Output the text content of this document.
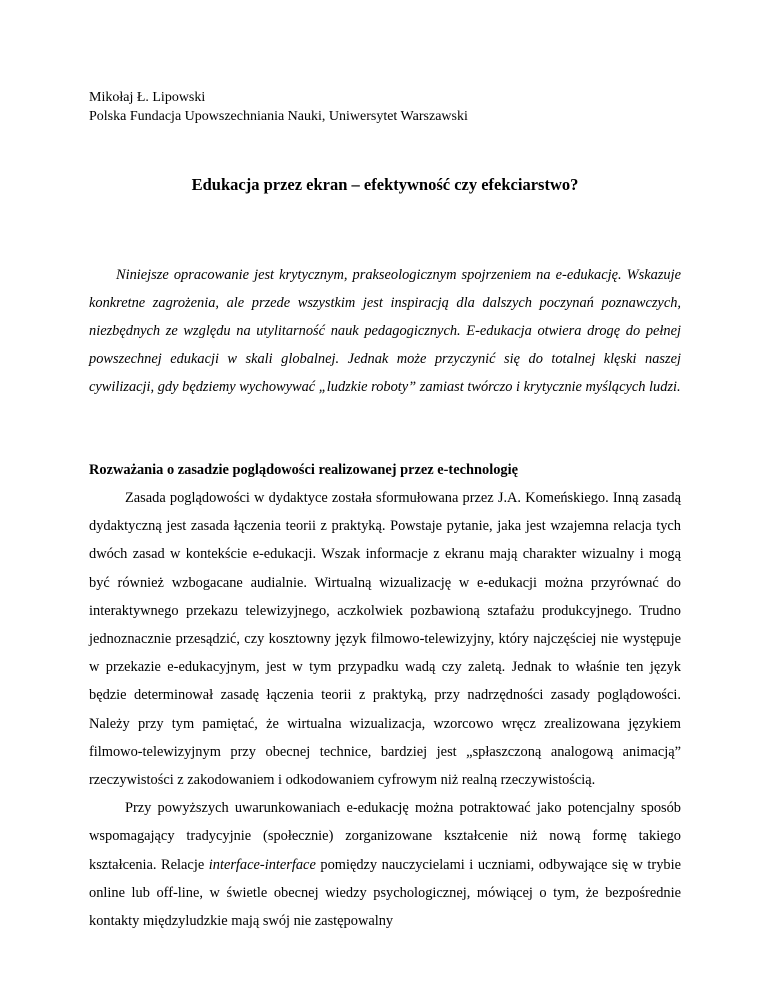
Mikołaj Ł. Lipowski
Polska Fundacja Upowszechniania Nauki, Uniwersytet Warszawski
Edukacja przez ekran – efektywność czy efekciarstwo?
Niniejsze opracowanie jest krytycznym, prakseologicznym spojrzeniem na e-edukację. Wskazuje konkretne zagrożenia, ale przede wszystkim jest inspiracją dla dalszych poczynań poznawczych, niezbędnych ze względu na utylitarność nauk pedagogicznych. E-edukacja otwiera drogę do pełnej powszechnej edukacji w skali globalnej. Jednak może przyczynić się do totalnej klęski naszej cywilizacji, gdy będziemy wychowywać „ludzkie roboty” zamiast twórczo i krytycznie myślących ludzi.
Rozważania o zasadzie poglądowości realizowanej przez e-technologię

Zasada poglądowości w dydaktyce została sformułowana przez J.A. Komeńskiego. Inną zasadą dydaktyczną jest zasada łączenia teorii z praktyką. Powstaje pytanie, jaka jest wzajemna relacja tych dwóch zasad w kontekście e-edukacji. Wszak informacje z ekranu mają charakter wizualny i mogą być również wzbogacane audialnie. Wirtualną wizualizację w e-edukacji można przyrównać do interaktywnego przekazu telewizyjnego, aczkolwiek pozbawioną sztafażu produkcyjnego. Trudno jednoznacznie przesądzić, czy kosztowny język filmowo-telewizyjny, który najczęściej nie występuje w przekazie e-edukacyjnym, jest w tym przypadku wadą czy zaletą. Jednak to właśnie ten język będzie determinował zasadę łączenia teorii z praktyką, przy nadrzędności zasady poglądowości. Należy przy tym pamiętać, że wirtualna wizualizacja, wzorcowo wręcz zrealizowana językiem filmowo-telewizyjnym przy obecnej technice, bardziej jest „spłaszczoną analogową animacją” rzeczywistości z zakodowaniem i odkodowaniem cyfrowym niż realną rzeczywistością.

Przy powyższych uwarunkowaniach e-edukację można potraktować jako potencjalny sposób wspomagający tradycyjnie (społecznie) zorganizowane kształcenie niż nową formę takiego kształcenia. Relacje interface-interface pomiędzy nauczycielami i uczniami, odbywające się w trybie online lub off-line, w świetle obecnej wiedzy psychologicznej, mówiącej o tym, że bezpośrednie kontakty międzyludzkie mają swój nie zastępowalny
